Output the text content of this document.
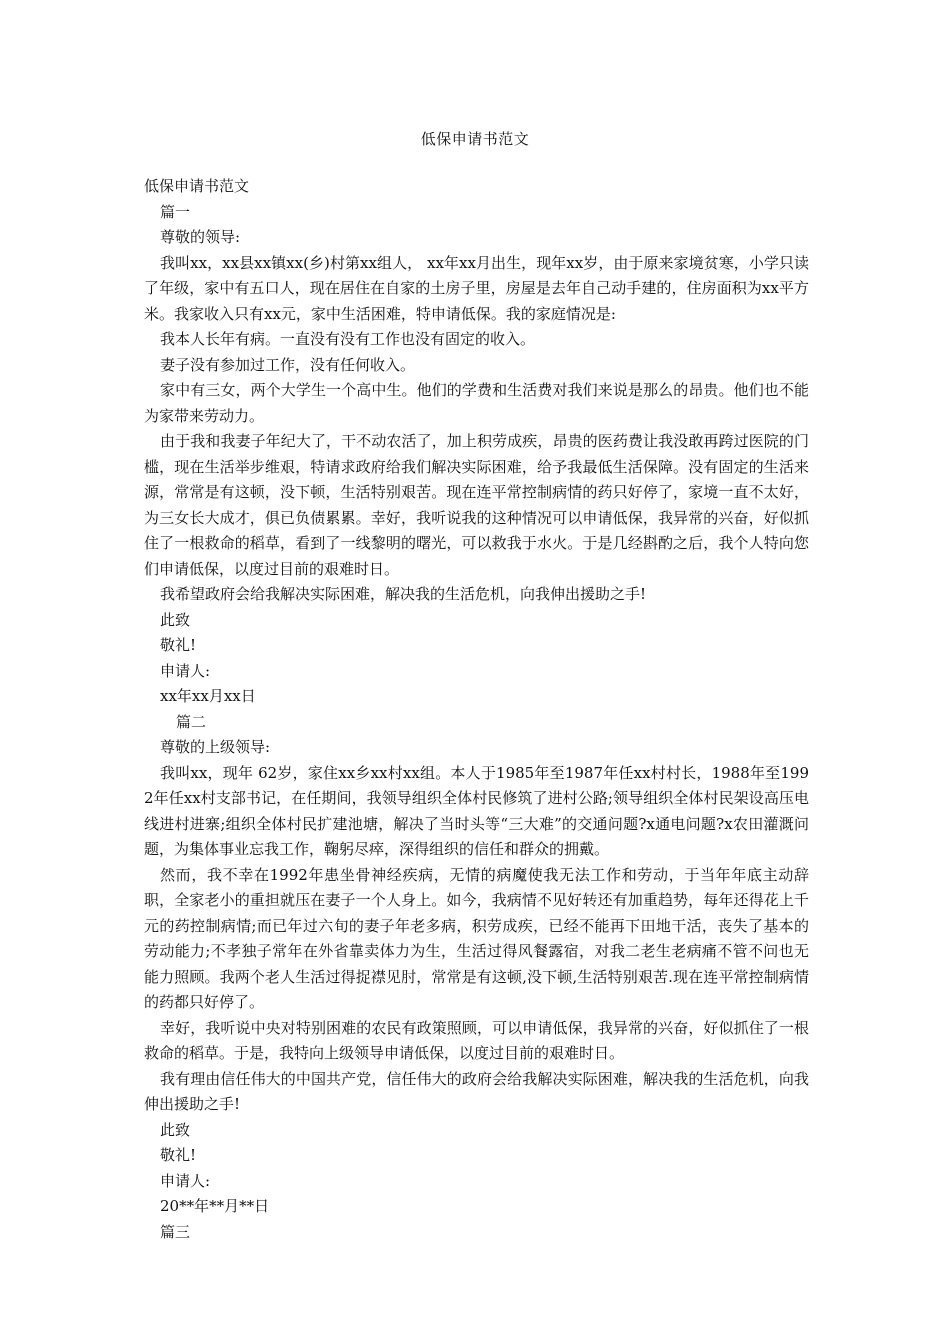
低保申请书范文
低保申请书范文
篇一
尊敬的领导:
我叫xx，xx县xx镇xx(乡)村第xx组人， xx年xx月出生，现年xx岁，由于原来家境贫寒，小学只读了年级，家中有五口人，现在居住在自家的土房子里，房屋是去年自己动手建的，住房面积为xx平方米。我家收入只有xx元，家中生活困难，特申请低保。我的家庭情况是:
我本人长年有病。一直没有没有工作也没有固定的收入。
妻子没有参加过工作，没有任何收入。
家中有三女，两个大学生一个高中生。他们的学费和生活费对我们来说是那么的昂贵。他们也不能为家带来劳动力。
由于我和我妻子年纪大了，干不动农活了，加上积劳成疾，昂贵的医药费让我没敢再跨过医院的门槛，现在生活举步维艰，特请求政府给我们解决实际困难，给予我最低生活保障。没有固定的生活来源，常常是有这顿，没下顿，生活特别艰苦。现在连平常控制病情的药只好停了，家境一直不太好，为三女长大成才，俱已负债累累。幸好，我听说我的这种情况可以申请低保，我异常的兴奋，好似抓住了一根救命的稻草，看到了一线黎明的曙光，可以救我于水火。于是几经斟酌之后，我个人特向您们申请低保，以度过目前的艰难时日。
我希望政府会给我解决实际困难，解决我的生活危机，向我伸出援助之手!
此致
敬礼!
申请人:
xx年xx月xx日
篇二
尊敬的上级领导:
我叫xx，现年 62岁，家住xx乡xx村xx组。本人于1985年至1987年任xx村村长，1988年至1992年任xx村支部书记，在任期间，我领导组织全体村民修筑了进村公路;领导组织全体村民架设高压电线进村进寨;组织全体村民扩建池塘，解决了当时头等“三大难”的交通问题?x通电问题?x农田灌溉问题，为集体事业忘我工作，鞠躬尽瘁，深得组织的信任和群众的拥戴。
然而，我不幸在1992年患坐骨神经疾病，无情的病魔使我无法工作和劳动，于当年年底主动辞职，全家老小的重担就压在妻子一个人身上。如今，我病情不见好转还有加重趋势，每年还得花上千元的药控制病情;而已年过六旬的妻子年老多病，积劳成疾，已经不能再下田地干活，丧失了基本的劳动能力;不孝独子常年在外省靠卖体力为生，生活过得风餐露宿，对我二老生老病痛不管不问也无能力照顾。我两个老人生活过得捉襟见肘，常常是有这顿,没下顿,生活特别艰苦.现在连平常控制病情的药都只好停了。
幸好，我听说中央对特别困难的农民有政策照顾，可以申请低保，我异常的兴奋，好似抓住了一根救命的稻草。于是，我特向上级领导申请低保，以度过目前的艰难时日。
我有理由信任伟大的中国共产党，信任伟大的政府会给我解决实际困难，解决我的生活危机，向我伸出援助之手!
此致
敬礼!
申请人:
20**年**月**日
篇三
